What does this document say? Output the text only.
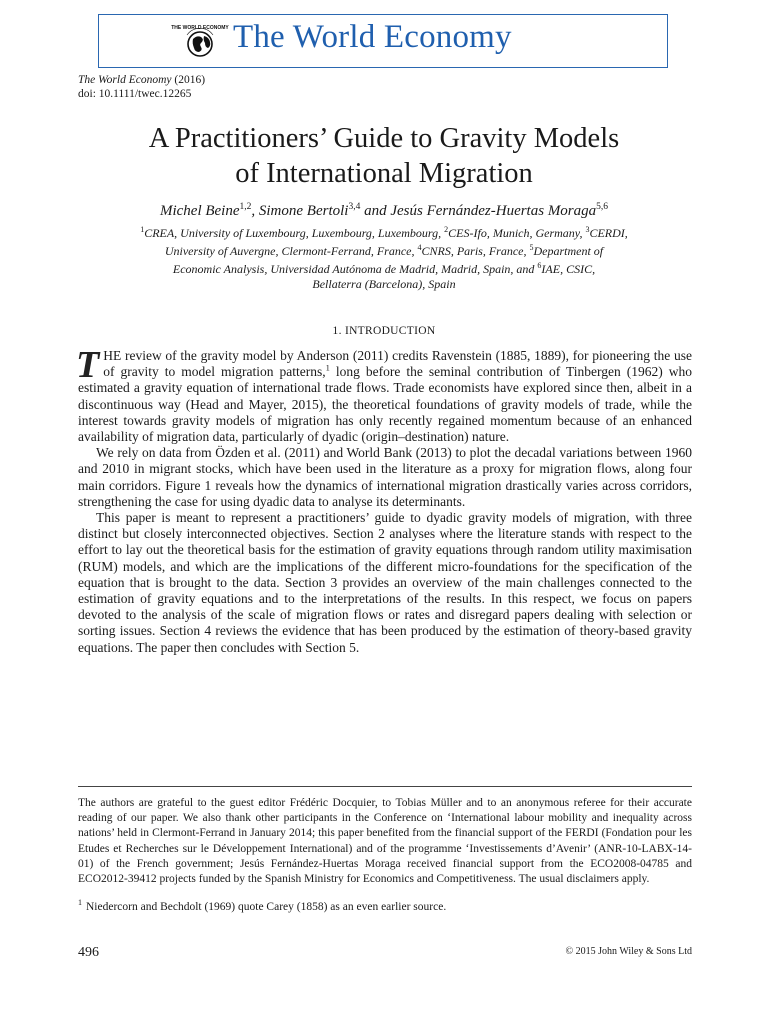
THE WORLD ECONOMY The World Economy
The World Economy (2016)
doi: 10.1111/twec.12265
A Practitioners’ Guide to Gravity Models
of International Migration
Michel Beine$^{1,2}$, Simone Bertoli$^{3,4}$ and Jesús Fernández-Huertas Moraga$^{5,6}$
$^1$CREA, University of Luxembourg, Luxembourg, Luxembourg, $^2$CES-Ifo, Munich, Germany, $^3$CERDI,
University of Auvergne, Clermont-Ferrand, France, $^4$CNRS, Paris, France, $^5$Department of
Economic Analysis, Universidad Autónoma de Madrid, Madrid, Spain, and $^6$IAE, CSIC,
Bellaterra (Barcelona), Spain
1. INTRODUCTION

THE review of the gravity model by Anderson (2011) credits Ravenstein (1885, 1889), for pioneering the use of gravity to model migration patterns,$^1$ long before the seminal contribution of Tinbergen (1962) who estimated a gravity equation of international trade flows. Trade economists have explored since then, albeit in a discontinuous way (Head and Mayer, 2015), the theoretical foundations of gravity models of trade, while the interest towards gravity models of migration has only recently regained momentum because of an enhanced availability of migration data, particularly of dyadic (origin–destination) nature.

We rely on data from Özden et al. (2011) and World Bank (2013) to plot the decadal variations between 1960 and 2010 in migrant stocks, which have been used in the literature as a proxy for migration flows, along four main corridors. Figure 1 reveals how the dynamics of international migration drastically varies across corridors, strengthening the case for using dyadic data to analyse its determinants.

This paper is meant to represent a practitioners’ guide to dyadic gravity models of migration, with three distinct but closely interconnected objectives. Section 2 analyses where the literature stands with respect to the effort to lay out the theoretical basis for the estimation of gravity equations through random utility maximisation (RUM) models, and which are the implications of the different micro-foundations for the specification of the equation that is brought to the data. Section 3 provides an overview of the main challenges connected to the estimation of gravity equations and to the interpretations of the results. In this respect, we focus on papers devoted to the analysis of the scale of migration flows or rates and disregard papers dealing with selection or sorting issues. Section 4 reviews the evidence that has been produced by the estimation of theory-based gravity equations. The paper then concludes with Section 5.

The authors are grateful to the guest editor Frédéric Docquier, to Tobias Müller and to an anonymous referee for their accurate reading of our paper. We also thank other participants in the Conference on ‘International labour mobility and inequality across nations’ held in Clermont-Ferrand in January 2014; this paper benefited from the financial support of the FERDI (Fondation pour les Etudes et Recherches sur le Développement International) and of the programme ‘Investissements d’Avenir’ (ANR-10-LABX-14-01) of the French government; Jesús Fernández-Huertas Moraga received financial support from the ECO2008-04785 and ECO2012-39412 projects funded by the Spanish Ministry for Economics and Competitiveness. The usual disclaimers apply.

$^1$ Niedercorn and Bechdolt (1969) quote Carey (1858) as an even earlier source.

496	© 2015 John Wiley & Sons Ltd
